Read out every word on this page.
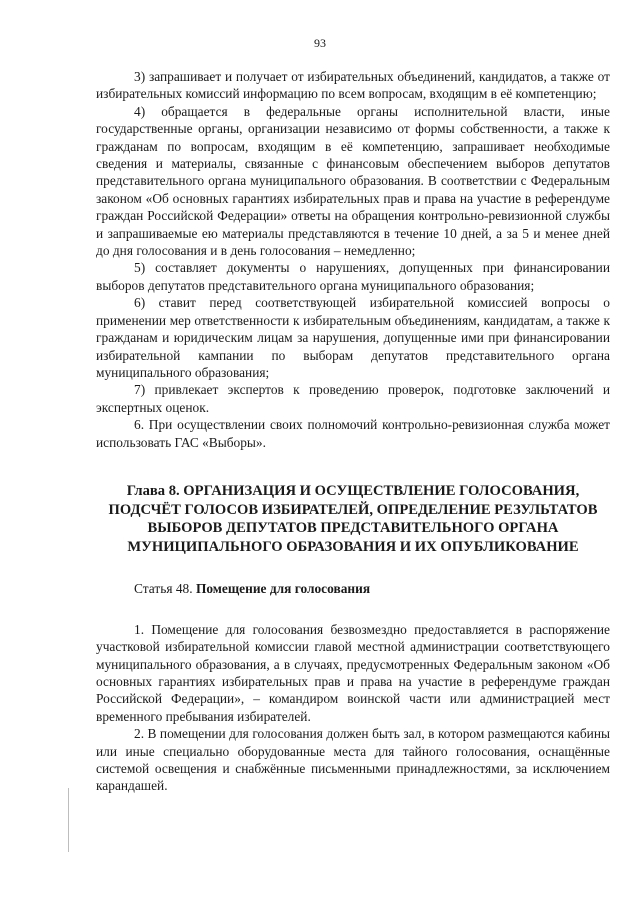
93

3) запрашивает и получает от избирательных объединений, кандидатов, а также от избирательных комиссий информацию по всем вопросам, входящим в её компетенцию;

4) обращается в федеральные органы исполнительной власти, иные государственные органы, организации независимо от формы собственности, а также к гражданам по вопросам, входящим в её компетенцию, запрашивает необходимые сведения и материалы, связанные с финансовым обеспечением выборов депутатов представительного органа муниципального образования. В соответствии с Федеральным законом «Об основных гарантиях избирательных прав и права на участие в референдуме граждан Российской Федерации» ответы на обращения контрольно-ревизионной службы и запрашиваемые ею материалы представляются в течение 10 дней, а за 5 и менее дней до дня голосования и в день голосования – немедленно;

5) составляет документы о нарушениях, допущенных при финансировании выборов депутатов представительного органа муниципального образования;

6) ставит перед соответствующей избирательной комиссией вопросы о применении мер ответственности к избирательным объединениям, кандидатам, а также к гражданам и юридическим лицам за нарушения, допущенные ими при финансировании избирательной кампании по выборам депутатов представительного органа муниципального образования;

7) привлекает экспертов к проведению проверок, подготовке заключений и экспертных оценок.

6. При осуществлении своих полномочий контрольно-ревизионная служба может использовать ГАС «Выборы».

Глава 8. ОРГАНИЗАЦИЯ И ОСУЩЕСТВЛЕНИЕ ГОЛОСОВАНИЯ,
ПОДСЧЁТ ГОЛОСОВ ИЗБИРАТЕЛЕЙ, ОПРЕДЕЛЕНИЕ РЕЗУЛЬТАТОВ
ВЫБОРОВ ДЕПУТАТОВ ПРЕДСТАВИТЕЛЬНОГО ОРГАНА
МУНИЦИПАЛЬНОГО ОБРАЗОВАНИЯ И ИХ ОПУБЛИКОВАНИЕ

Статья 48. Помещение для голосования

1. Помещение для голосования безвозмездно предоставляется в распоряжение участковой избирательной комиссии главой местной администрации соответствующего муниципального образования, а в случаях, предусмотренных Федеральным законом «Об основных гарантиях избирательных прав и права на участие в референдуме граждан Российской Федерации», – командиром воинской части или администрацией мест временного пребывания избирателей.

2. В помещении для голосования должен быть зал, в котором размещаются кабины или иные специально оборудованные места для тайного голосования, оснащённые системой освещения и снабжённые письменными принадлежностями, за исключением карандашей.
